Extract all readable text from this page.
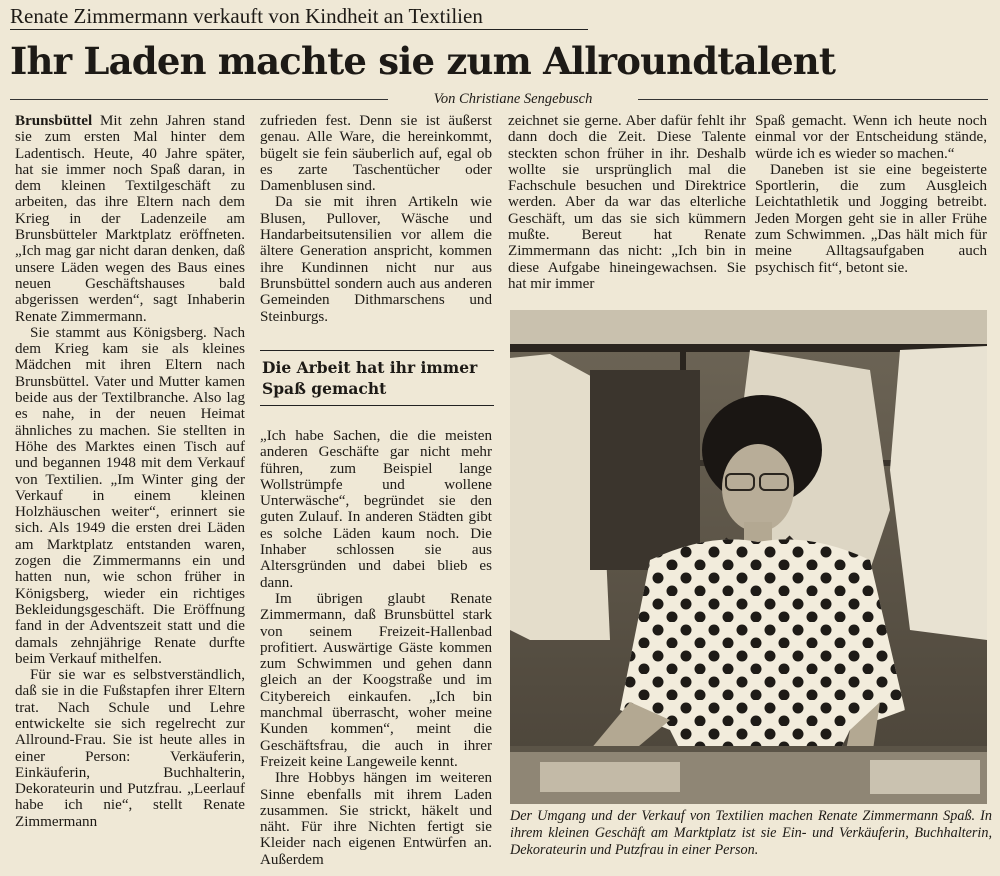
Renate Zimmermann verkauft von Kindheit an Textilien
Ihr Laden machte sie zum Allroundtalent
Von Christiane Sengebusch

Brunsbüttel Mit zehn Jahren stand sie zum ersten Mal hinter dem Ladentisch. Heute, 40 Jahre später, hat sie immer noch Spaß daran, in dem kleinen Textilgeschäft zu arbeiten, das ihre Eltern nach dem Krieg in der Ladenzeile am Brunsbütteler Marktplatz eröffneten. „Ich mag gar nicht daran denken, daß unsere Läden wegen des Baus eines neuen Geschäftshauses bald abgerissen werden“, sagt Inhaberin Renate Zimmermann.

Sie stammt aus Königsberg. Nach dem Krieg kam sie als kleines Mädchen mit ihren Eltern nach Brunsbüttel. Vater und Mutter kamen beide aus der Textilbranche. Also lag es nahe, in der neuen Heimat ähnliches zu machen. Sie stellten in Höhe des Marktes einen Tisch auf und begannen 1948 mit dem Verkauf von Textilien. „Im Winter ging der Verkauf in einem kleinen Holzhäuschen weiter“, erinnert sie sich. Als 1949 die ersten drei Läden am Marktplatz entstanden waren, zogen die Zimmermanns ein und hatten nun, wie schon früher in Königsberg, wieder ein richtiges Bekleidungsgeschäft. Die Eröffnung fand in der Adventszeit statt und die damals zehnjährige Renate durfte beim Verkauf mithelfen.

Für sie war es selbstverständlich, daß sie in die Fußstapfen ihrer Eltern trat. Nach Schule und Lehre entwickelte sie sich regelrecht zur Allround-Frau. Sie ist heute alles in einer Person: Verkäuferin, Einkäuferin, Buchhalterin, Dekorateurin und Putzfrau. „Leerlauf habe ich nie“, stellt Renate Zimmermann

zufrieden fest. Denn sie ist äußerst genau. Alle Ware, die hereinkommt, bügelt sie fein säuberlich auf, egal ob es zarte Taschentücher oder Damenblusen sind.

Da sie mit ihren Artikeln wie Blusen, Pullover, Wäsche und Handarbeitsutensilien vor allem die ältere Generation anspricht, kommen ihre Kundinnen nicht nur aus Brunsbüttel sondern auch aus anderen Gemeinden Dithmarschens und Steinburgs.

Die Arbeit hat ihr immer Spaß gemacht

„Ich habe Sachen, die die meisten anderen Geschäfte gar nicht mehr führen, zum Beispiel lange Wollstrümpfe und wollene Unterwäsche“, begründet sie den guten Zulauf. In anderen Städten gibt es solche Läden kaum noch. Die Inhaber schlossen sie aus Altersgründen und dabei blieb es dann.

Im übrigen glaubt Renate Zimmermann, daß Brunsbüttel stark von seinem Freizeit-Hallenbad profitiert. Auswärtige Gäste kommen zum Schwimmen und gehen dann gleich an der Koogstraße und im Citybereich einkaufen. „Ich bin manchmal überrascht, woher meine Kunden kommen“, meint die Geschäftsfrau, die auch in ihrer Freizeit keine Langeweile kennt.

Ihre Hobbys hängen im weiteren Sinne ebenfalls mit ihrem Laden zusammen. Sie strickt, häkelt und näht. Für ihre Nichten fertigt sie Kleider nach eigenen Entwürfen an. Außerdem

zeichnet sie gerne. Aber dafür fehlt ihr dann doch die Zeit. Diese Talente steckten schon früher in ihr. Deshalb wollte sie ursprünglich mal die Fachschule besuchen und Direktrice werden. Aber da war das elterliche Geschäft, um das sie sich kümmern mußte. Bereut hat Renate Zimmermann das nicht: „Ich bin in diese Aufgabe hineingewachsen. Sie hat mir immer

Spaß gemacht. Wenn ich heute noch einmal vor der Entscheidung stände, würde ich es wieder so machen.“

Daneben ist sie eine begeisterte Sportlerin, die zum Ausgleich Leichtathletik und Jogging betreibt. Jeden Morgen geht sie in aller Frühe zum Schwimmen. „Das hält mich für meine Alltagsaufgaben auch psychisch fit“, betont sie.

Der Umgang und der Verkauf von Textilien machen Renate Zimmermann Spaß. In ihrem kleinen Geschäft am Marktplatz ist sie Ein- und Verkäuferin, Buchhalterin, Dekorateurin und Putzfrau in einer Person.
